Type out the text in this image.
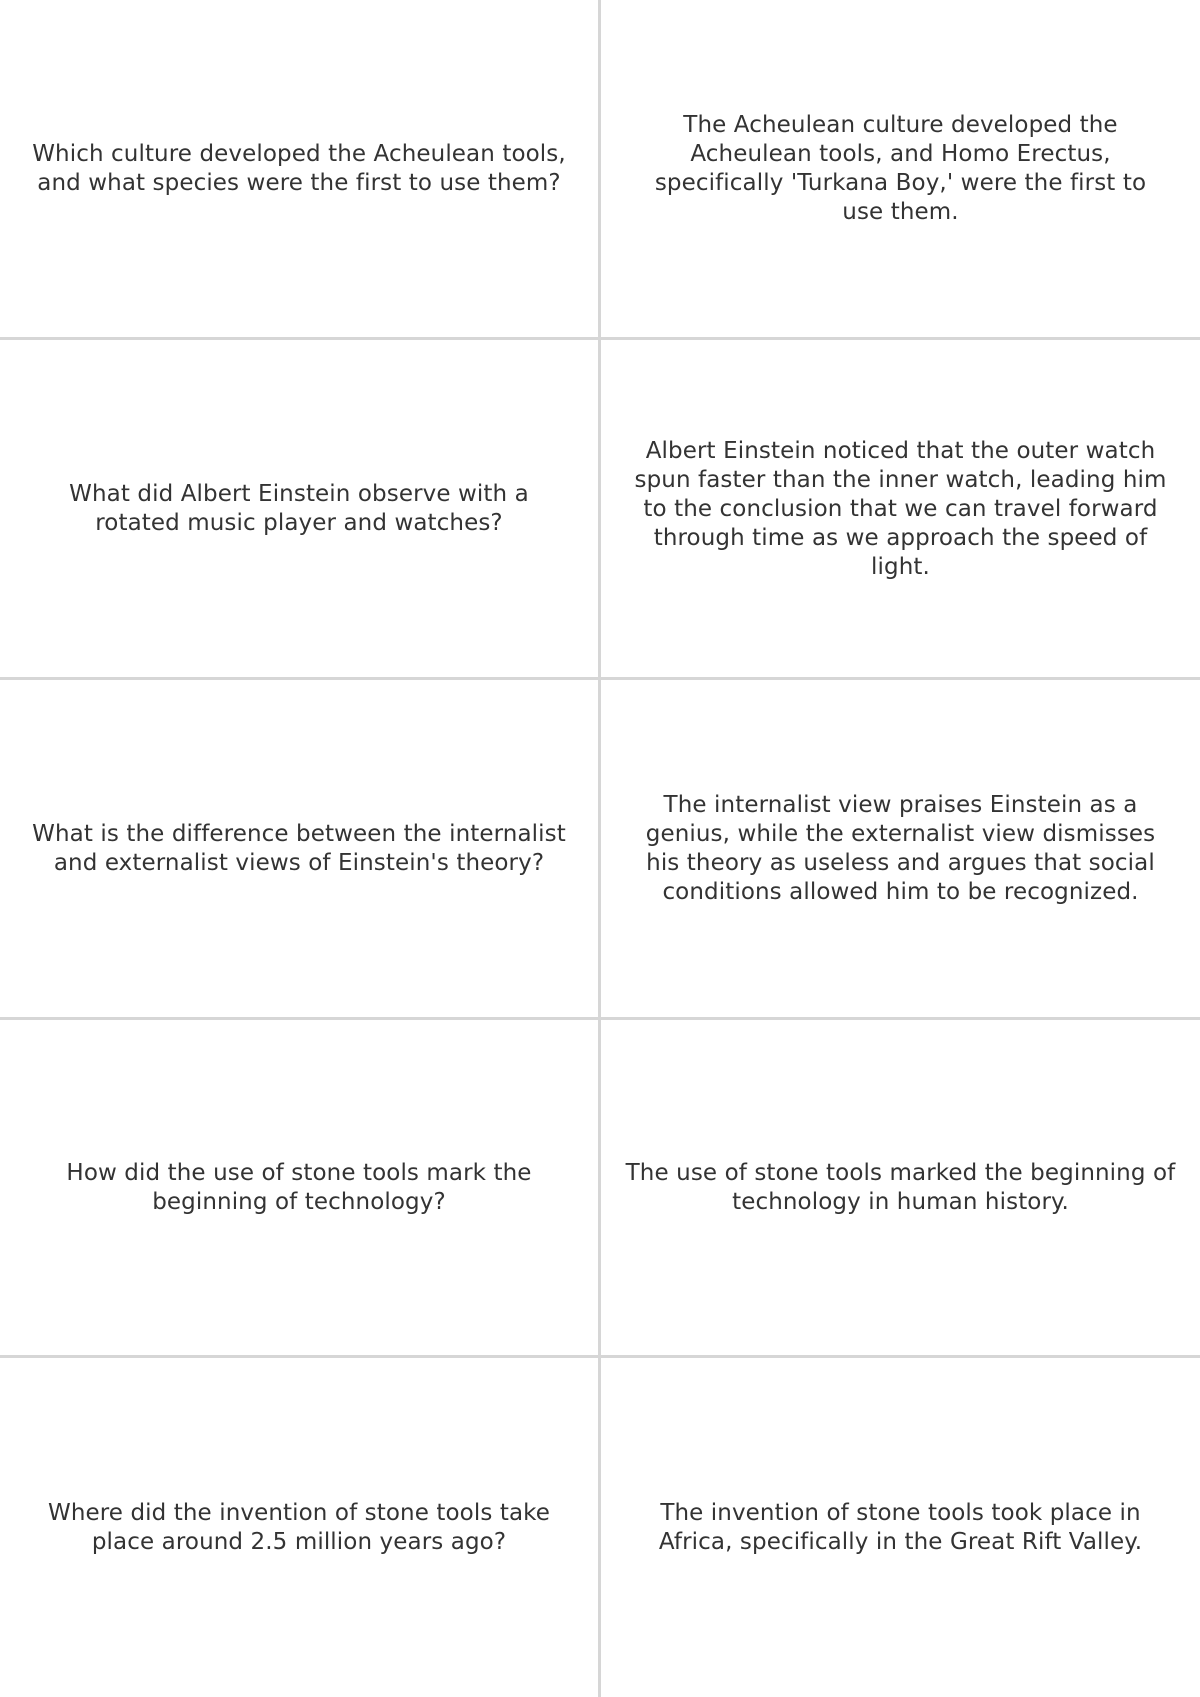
Which culture developed the Acheulean tools, and what species were the first to use them?
The Acheulean culture developed the Acheulean tools, and Homo Erectus, specifically 'Turkana Boy,' were the first to use them.
What did Albert Einstein observe with a rotated music player and watches?
Albert Einstein noticed that the outer watch spun faster than the inner watch, leading him to the conclusion that we can travel forward through time as we approach the speed of light.
What is the difference between the internalist and externalist views of Einstein's theory?
The internalist view praises Einstein as a genius, while the externalist view dismisses his theory as useless and argues that social conditions allowed him to be recognized.
How did the use of stone tools mark the beginning of technology?
The use of stone tools marked the beginning of technology in human history.
Where did the invention of stone tools take place around 2.5 million years ago?
The invention of stone tools took place in Africa, specifically in the Great Rift Valley.
